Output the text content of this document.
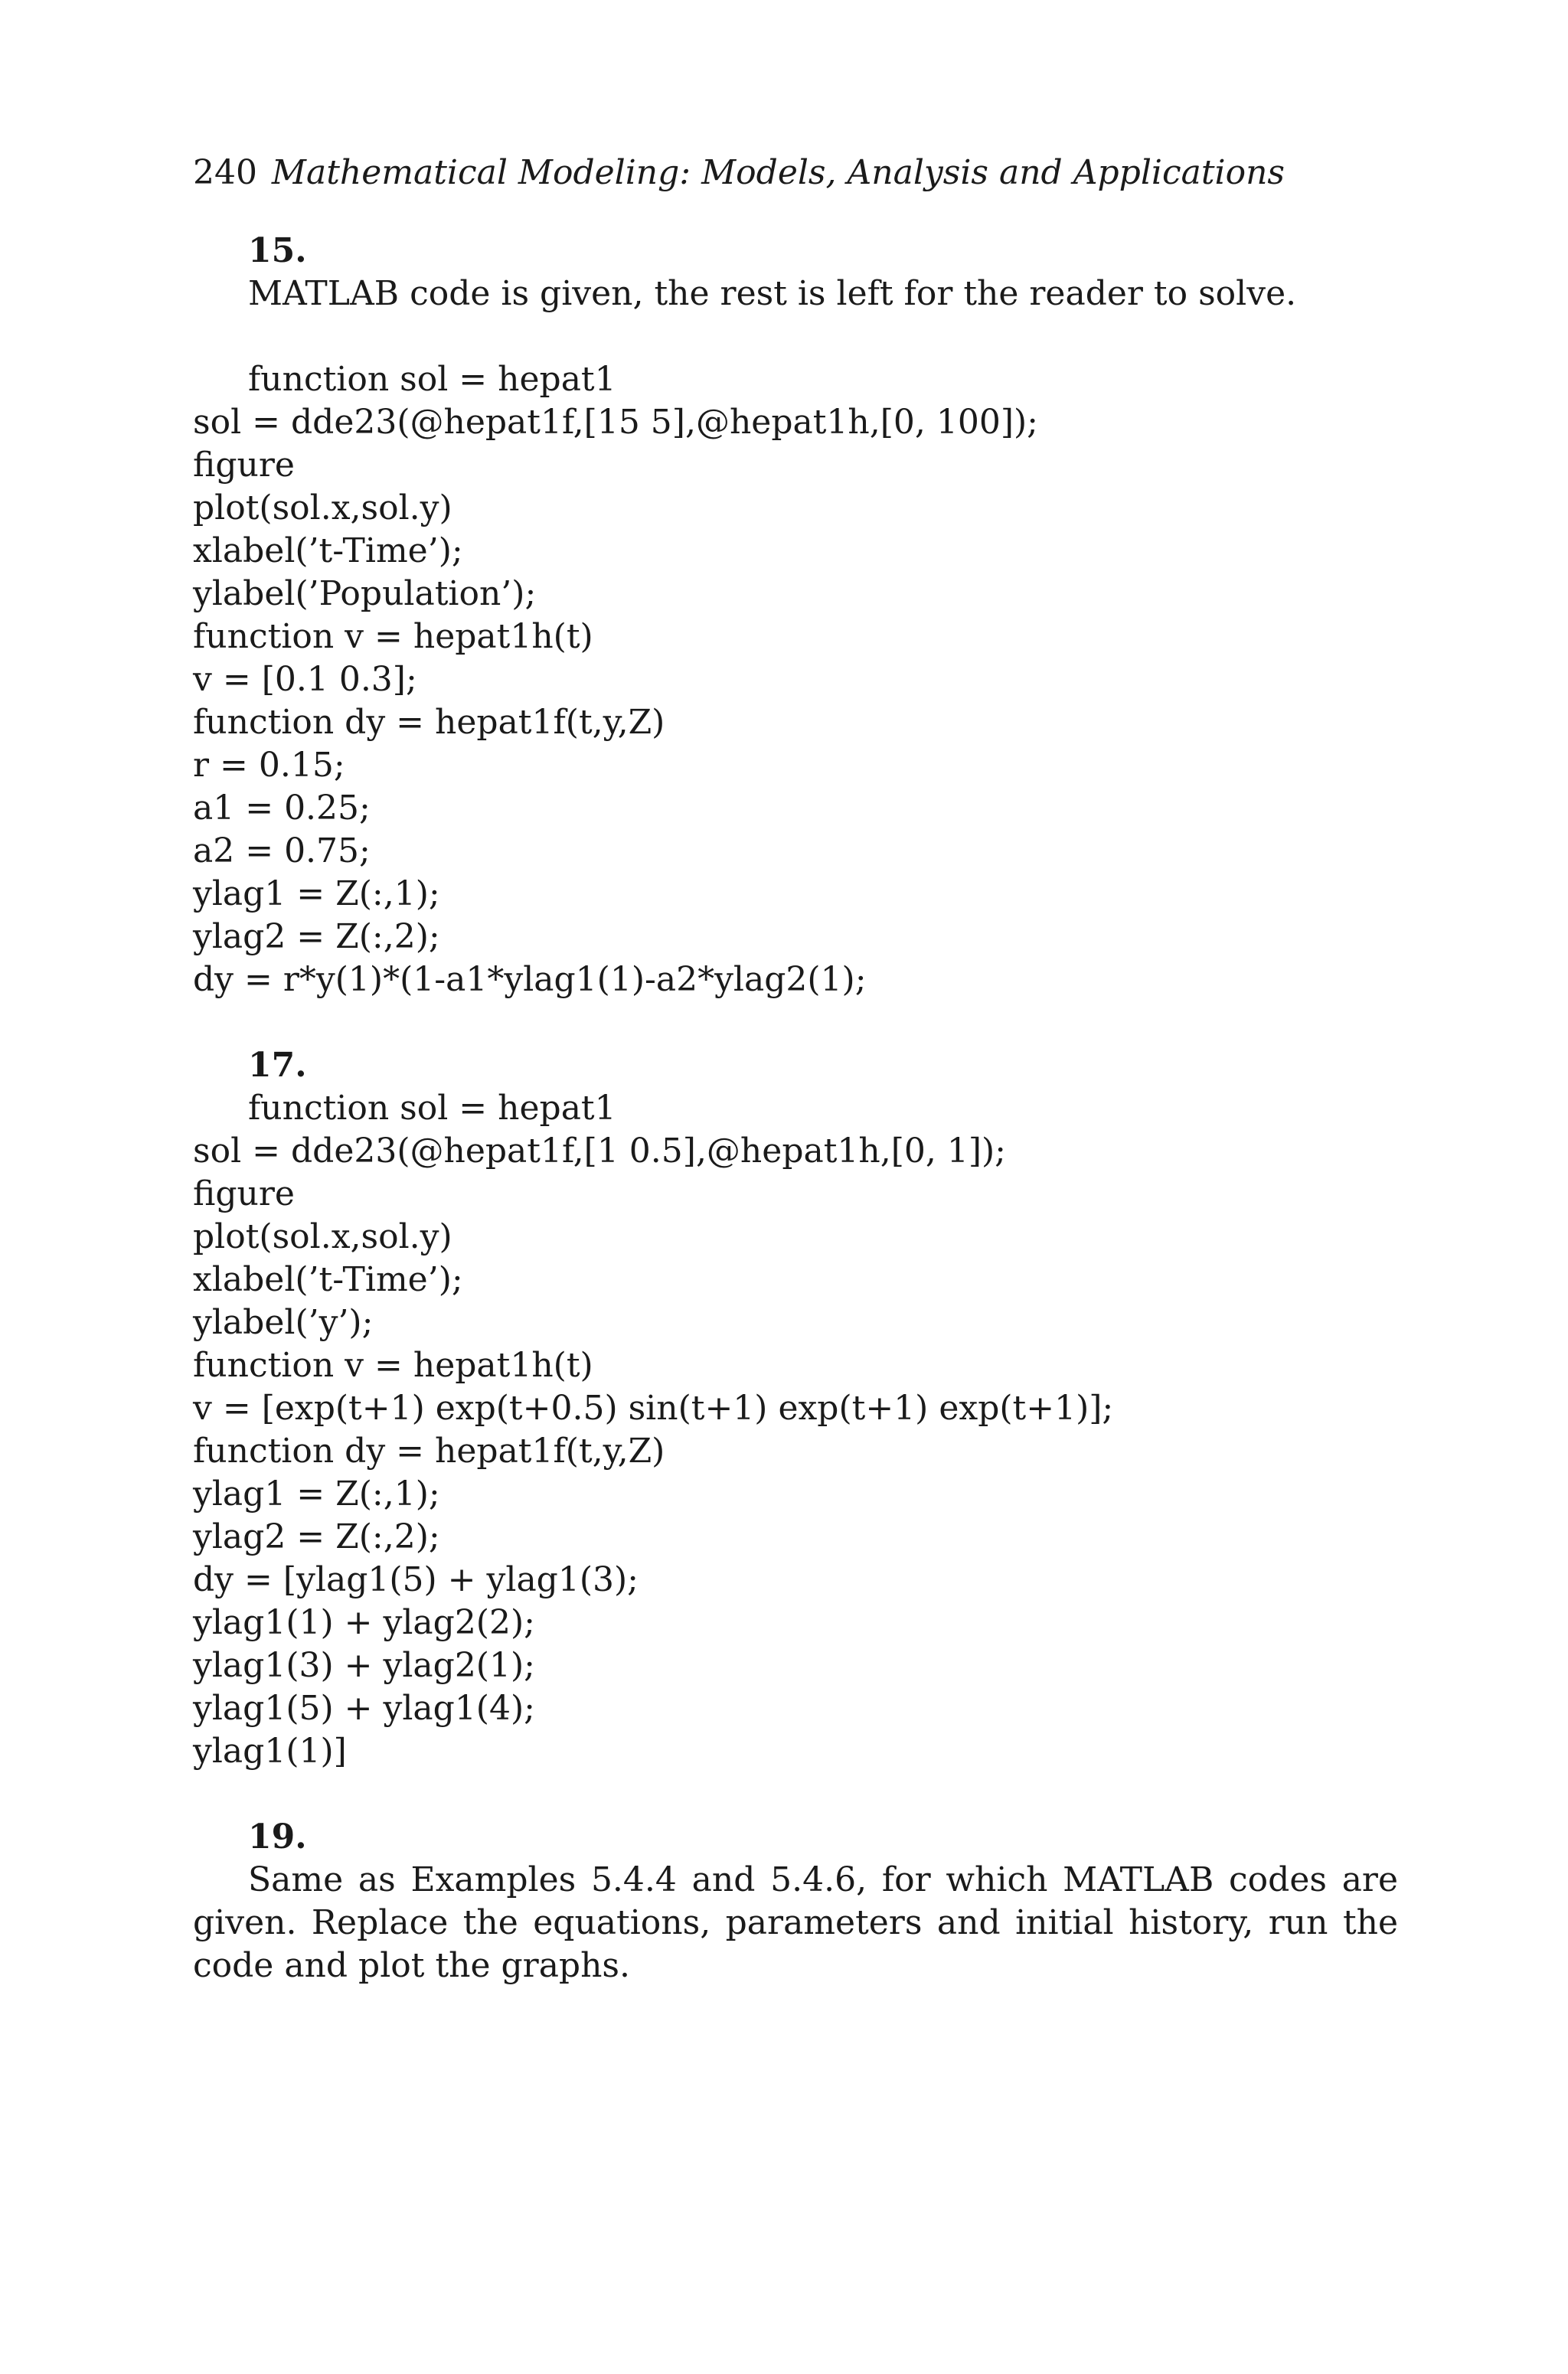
240 Mathematical Modeling: Models, Analysis and Applications
15.
MATLAB code is given, the rest is left for the reader to solve.
function sol = hepat1
sol = dde23(@hepat1f,[15 5],@hepat1h,[0, 100]);
figure
plot(sol.x,sol.y)
xlabel(’t-Time’);
ylabel(’Population’);
function v = hepat1h(t)
v = [0.1 0.3];
function dy = hepat1f(t,y,Z)
r = 0.15;
a1 = 0.25;
a2 = 0.75;
ylag1 = Z(:,1);
ylag2 = Z(:,2);
dy = r*y(1)*(1-a1*ylag1(1)-a2*ylag2(1);
17.
function sol = hepat1
sol = dde23(@hepat1f,[1 0.5],@hepat1h,[0, 1]);
figure
plot(sol.x,sol.y)
xlabel(’t-Time’);
ylabel(’y’);
function v = hepat1h(t)
v = [exp(t+1) exp(t+0.5) sin(t+1) exp(t+1) exp(t+1)];
function dy = hepat1f(t,y,Z)
ylag1 = Z(:,1);
ylag2 = Z(:,2);
dy = [ylag1(5) + ylag1(3);
ylag1(1) + ylag2(2);
ylag1(3) + ylag2(1);
ylag1(5) + ylag1(4);
ylag1(1)]
19.
Same as Examples 5.4.4 and 5.4.6, for which MATLAB codes are given. Replace the equations, parameters and initial history, run the code and plot the graphs.
